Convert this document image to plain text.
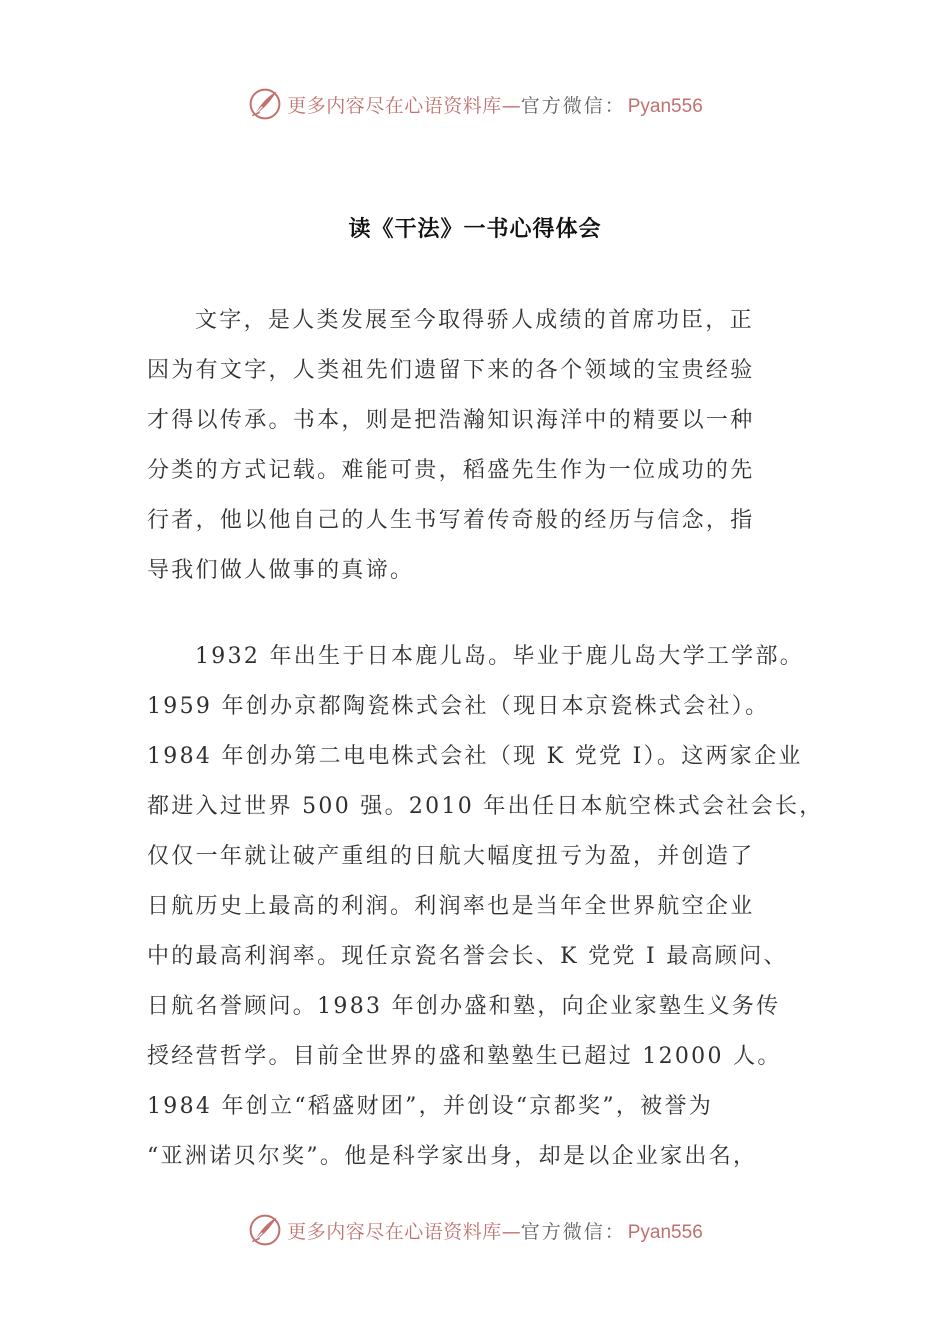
更多内容尽在心语资料库 — 官方微信： Pyan556
读《干法》一书心得体会

文字，是人类发展至今取得骄人成绩的首席功臣，正
因为有文字，人类祖先们遗留下来的各个领域的宝贵经验
才得以传承。书本，则是把浩瀚知识海洋中的精要以一种
分类的方式记载。难能可贵，稻盛先生作为一位成功的先
行者，他以他自己的人生书写着传奇般的经历与信念，指
导我们做人做事的真谛。

1932 年出生于日本鹿儿岛。毕业于鹿儿岛大学工学部。
1959 年创办京都陶瓷株式会社（现日本京瓷株式会社）。
1984 年创办第二电电株式会社（现 K 党党 I）。这两家企业
都进入过世界 500 强。2010 年出任日本航空株式会社会长，
仅仅一年就让破产重组的日航大幅度扭亏为盈，并创造了
日航历史上最高的利润。利润率也是当年全世界航空企业
中的最高利润率。现任京瓷名誉会长、K 党党 I 最高顾问、
日航名誉顾问。1983 年创办盛和塾，向企业家塾生义务传
授经营哲学。目前全世界的盛和塾塾生已超过 12000 人。
1984 年创立“稻盛财团”，并创设“京都奖”，被誉为
“亚洲诺贝尔奖”。他是科学家出身，却是以企业家出名，

更多内容尽在心语资料库 — 官方微信： Pyan556
